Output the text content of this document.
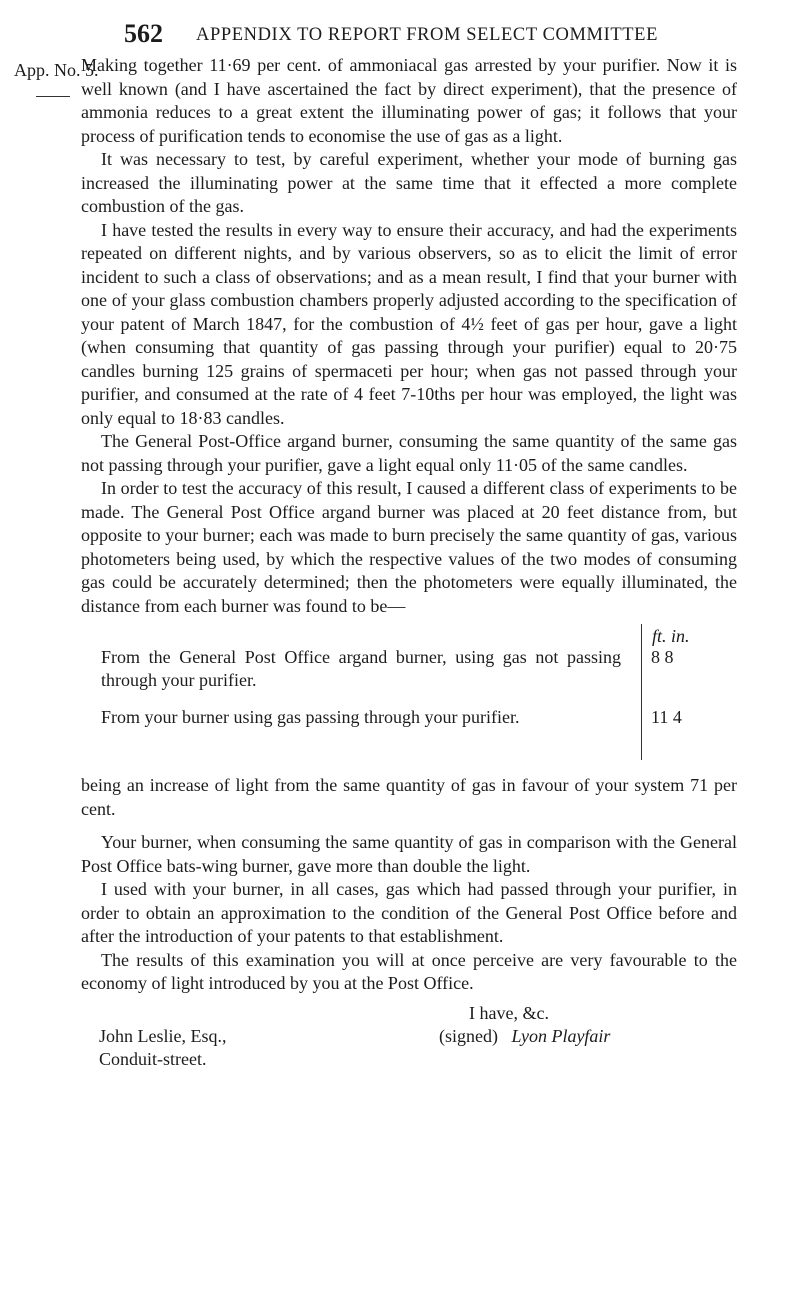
562 APPENDIX TO REPORT FROM SELECT COMMITTEE
App. No. 5.

Making together 11·69 per cent. of ammoniacal gas arrested by your purifier. Now it is well known (and I have ascertained the fact by direct experiment), that the presence of ammonia reduces to a great extent the illuminating power of gas; it follows that your process of purification tends to economise the use of gas as a light.

It was necessary to test, by careful experiment, whether your mode of burning gas increased the illuminating power at the same time that it effected a more complete combustion of the gas.

I have tested the results in every way to ensure their accuracy, and had the experiments repeated on different nights, and by various observers, so as to elicit the limit of error incident to such a class of observations; and as a mean result, I find that your burner with one of your glass combustion chambers properly adjusted according to the specification of your patent of March 1847, for the combustion of 4½ feet of gas per hour, gave a light (when consuming that quantity of gas passing through your purifier) equal to 20·75 candles burning 125 grains of spermaceti per hour; when gas not passed through your purifier, and consumed at the rate of 4 feet 7-10ths per hour was employed, the light was only equal to 18·83 candles.

The General Post-Office argand burner, consuming the same quantity of the same gas not passing through your purifier, gave a light equal only 11·05 of the same candles.

In order to test the accuracy of this result, I caused a different class of experiments to be made. The General Post Office argand burner was placed at 20 feet distance from, but opposite to your burner; each was made to burn precisely the same quantity of gas, various photometers being used, by which the respective values of the two modes of consuming gas could be accurately determined; then the photometers were equally illuminated, the distance from each burner was found to be—

ft. in.
From the General Post Office argand burner, using gas not passing through your purifier.
8 8
From your burner using gas passing through your purifier.	11 4

being an increase of light from the same quantity of gas in favour of your system 71 per cent.

Your burner, when consuming the same quantity of gas in comparison with the General Post Office bats-wing burner, gave more than double the light.

I used with your burner, in all cases, gas which had passed through your purifier, in order to obtain an approximation to the condition of the General Post Office before and after the introduction of your patents to that establishment.

The results of this examination you will at once perceive are very favourable to the economy of light introduced by you at the Post Office.

I have, &c.
John Leslie, Esq.,	(signed) Lyon Playfair
Conduit-street.
